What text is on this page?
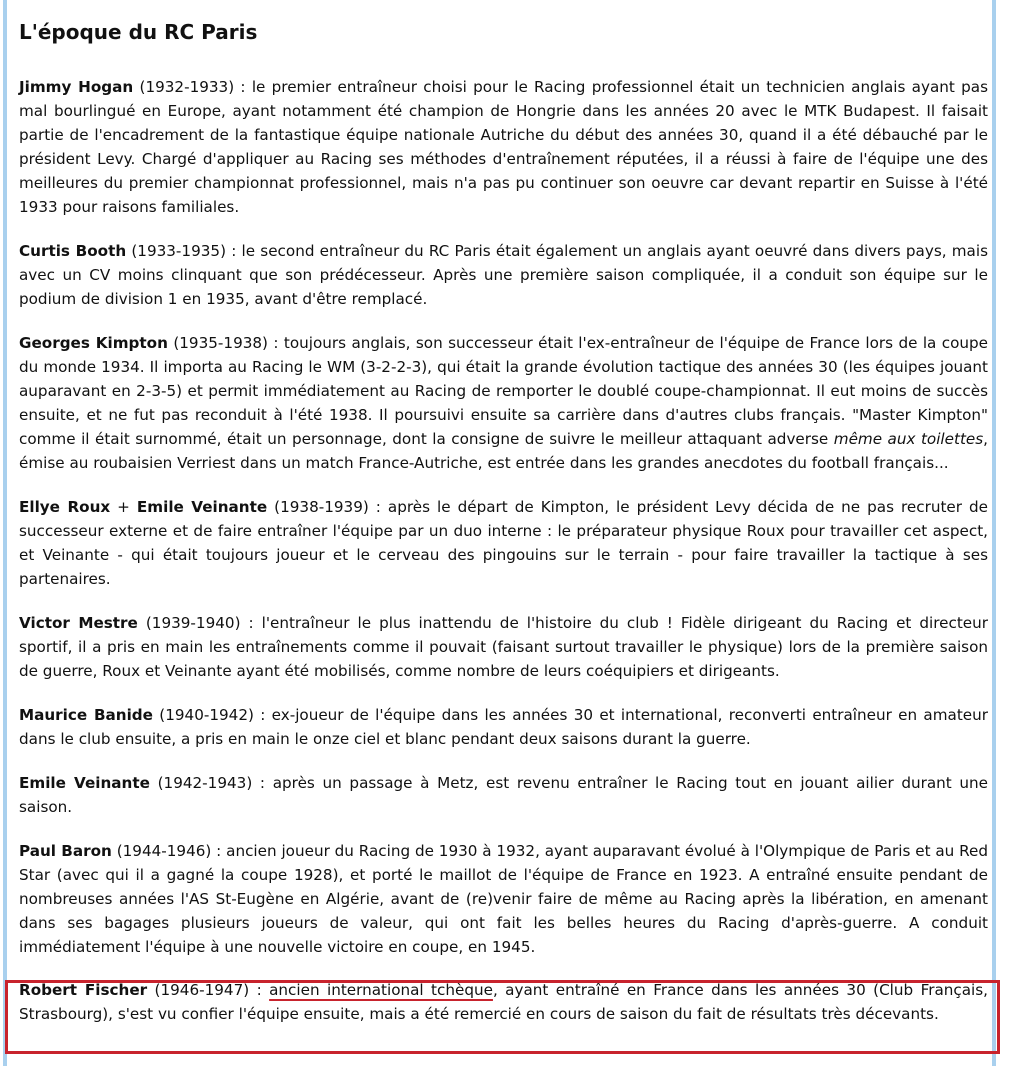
L'époque du RC Paris

Jimmy Hogan (1932-1933) : le premier entraîneur choisi pour le Racing professionnel était un technicien anglais ayant pas mal bourlingué en Europe, ayant notamment été champion de Hongrie dans les années 20 avec le MTK Budapest. Il faisait partie de l'encadrement de la fantastique équipe nationale Autriche du début des années 30, quand il a été débauché par le président Levy. Chargé d'appliquer au Racing ses méthodes d'entraînement réputées, il a réussi à faire de l'équipe une des meilleures du premier championnat professionnel, mais n'a pas pu continuer son oeuvre car devant repartir en Suisse à l'été 1933 pour raisons familiales.

Curtis Booth (1933-1935) : le second entraîneur du RC Paris était également un anglais ayant oeuvré dans divers pays, mais avec un CV moins clinquant que son prédécesseur. Après une première saison compliquée, il a conduit son équipe sur le podium de division 1 en 1935, avant d'être remplacé.

Georges Kimpton (1935-1938) : toujours anglais, son successeur était l'ex-entraîneur de l'équipe de France lors de la coupe du monde 1934. Il importa au Racing le WM (3-2-2-3), qui était la grande évolution tactique des années 30 (les équipes jouant auparavant en 2-3-5) et permit immédiatement au Racing de remporter le doublé coupe-championnat. Il eut moins de succès ensuite, et ne fut pas reconduit à l'été 1938. Il poursuivi ensuite sa carrière dans d'autres clubs français. "Master Kimpton" comme il était surnommé, était un personnage, dont la consigne de suivre le meilleur attaquant adverse même aux toilettes, émise au roubaisien Verriest dans un match France-Autriche, est entrée dans les grandes anecdotes du football français...

Ellye Roux + Emile Veinante (1938-1939) : après le départ de Kimpton, le président Levy décida de ne pas recruter de successeur externe et de faire entraîner l'équipe par un duo interne : le préparateur physique Roux pour travailler cet aspect, et Veinante - qui était toujours joueur et le cerveau des pingouins sur le terrain - pour faire travailler la tactique à ses partenaires.

Victor Mestre (1939-1940) : l'entraîneur le plus inattendu de l'histoire du club ! Fidèle dirigeant du Racing et directeur sportif, il a pris en main les entraînements comme il pouvait (faisant surtout travailler le physique) lors de la première saison de guerre, Roux et Veinante ayant été mobilisés, comme nombre de leurs coéquipiers et dirigeants.

Maurice Banide (1940-1942) : ex-joueur de l'équipe dans les années 30 et international, reconverti entraîneur en amateur dans le club ensuite, a pris en main le onze ciel et blanc pendant deux saisons durant la guerre.

Emile Veinante (1942-1943) : après un passage à Metz, est revenu entraîner le Racing tout en jouant ailier durant une saison.

Paul Baron (1944-1946) : ancien joueur du Racing de 1930 à 1932, ayant auparavant évolué à l'Olympique de Paris et au Red Star (avec qui il a gagné la coupe 1928), et porté le maillot de l'équipe de France en 1923. A entraîné ensuite pendant de nombreuses années l'AS St-Eugène en Algérie, avant de (re)venir faire de même au Racing après la libération, en amenant dans ses bagages plusieurs joueurs de valeur, qui ont fait les belles heures du Racing d'après-guerre. A conduit immédiatement l'équipe à une nouvelle victoire en coupe, en 1945.

Robert Fischer (1946-1947) : ancien international tchèque, ayant entraîné en France dans les années 30 (Club Français, Strasbourg), s'est vu confier l'équipe ensuite, mais a été remercié en cours de saison du fait de résultats très décevants.
